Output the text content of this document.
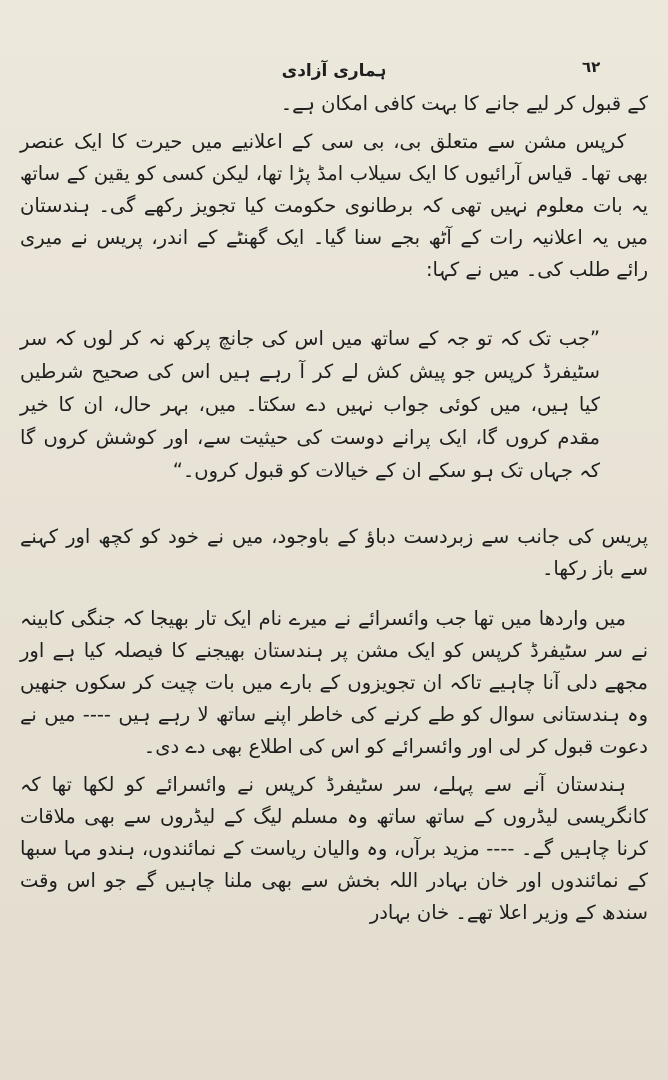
٦٢
ہماری آزادی

کے قبول کر لیے جانے کا بہت کافی امکان ہے۔

کرپس مشن سے متعلق بی، بی سی کے اعلانیے میں حیرت کا ایک عنصر بھی تھا۔ قیاس آرائیوں کا ایک سیلاب امڈ پڑا تھا، لیکن کسی کو یقین کے ساتھ یہ بات معلوم نہیں تھی کہ برطانوی حکومت کیا تجویز رکھے گی۔ ہندستان میں یہ اعلانیہ رات کے آٹھ بجے سنا گیا۔ ایک گھنٹے کے اندر، پریس نے میری رائے طلب کی۔ میں نے کہا:

”جب تک کہ تو جہ کے ساتھ میں اس کی جانچ پرکھ نہ کر لوں کہ سر سٹیفرڈ کرپس جو پیش کش لے کر آ رہے ہیں اس کی صحیح شرطیں کیا ہیں، میں کوئی جواب نہیں دے سکتا۔ میں، بہر حال، ان کا خیر مقدم کروں گا، ایک پرانے دوست کی حیثیت سے، اور کوشش کروں گا کہ جہاں تک ہو سکے ان کے خیالات کو قبول کروں۔“

پریس کی جانب سے زبردست دباؤ کے باوجود، میں نے خود کو کچھ اور کہنے سے باز رکھا۔

میں واردھا میں تھا جب وائسرائے نے میرے نام ایک تار بھیجا کہ جنگی کابینہ نے سر سٹیفرڈ کرپس کو ایک مشن پر ہندستان بھیجنے کا فیصلہ کیا ہے اور مجھے دلی آنا چاہیے تاکہ ان تجویزوں کے بارے میں بات چیت کر سکوں جنھیں وہ ہندستانی سوال کو طے کرنے کی خاطر اپنے ساتھ لا رہے ہیں ---- میں نے دعوت قبول کر لی اور وائسرائے کو اس کی اطلاع بھی دے دی۔

ہندستان آنے سے پہلے، سر سٹیفرڈ کرپس نے وائسرائے کو لکھا تھا کہ کانگریسی لیڈروں کے ساتھ ساتھ وہ مسلم لیگ کے لیڈروں سے بھی ملاقات کرنا چاہیں گے۔ ---- مزید برآں، وہ والیان ریاست کے نمائندوں، ہندو مہا سبھا کے نمائندوں اور خان بہادر اللہ بخش سے بھی ملنا چاہیں گے جو اس وقت سندھ کے وزیر اعلا تھے۔ خان بہادر
